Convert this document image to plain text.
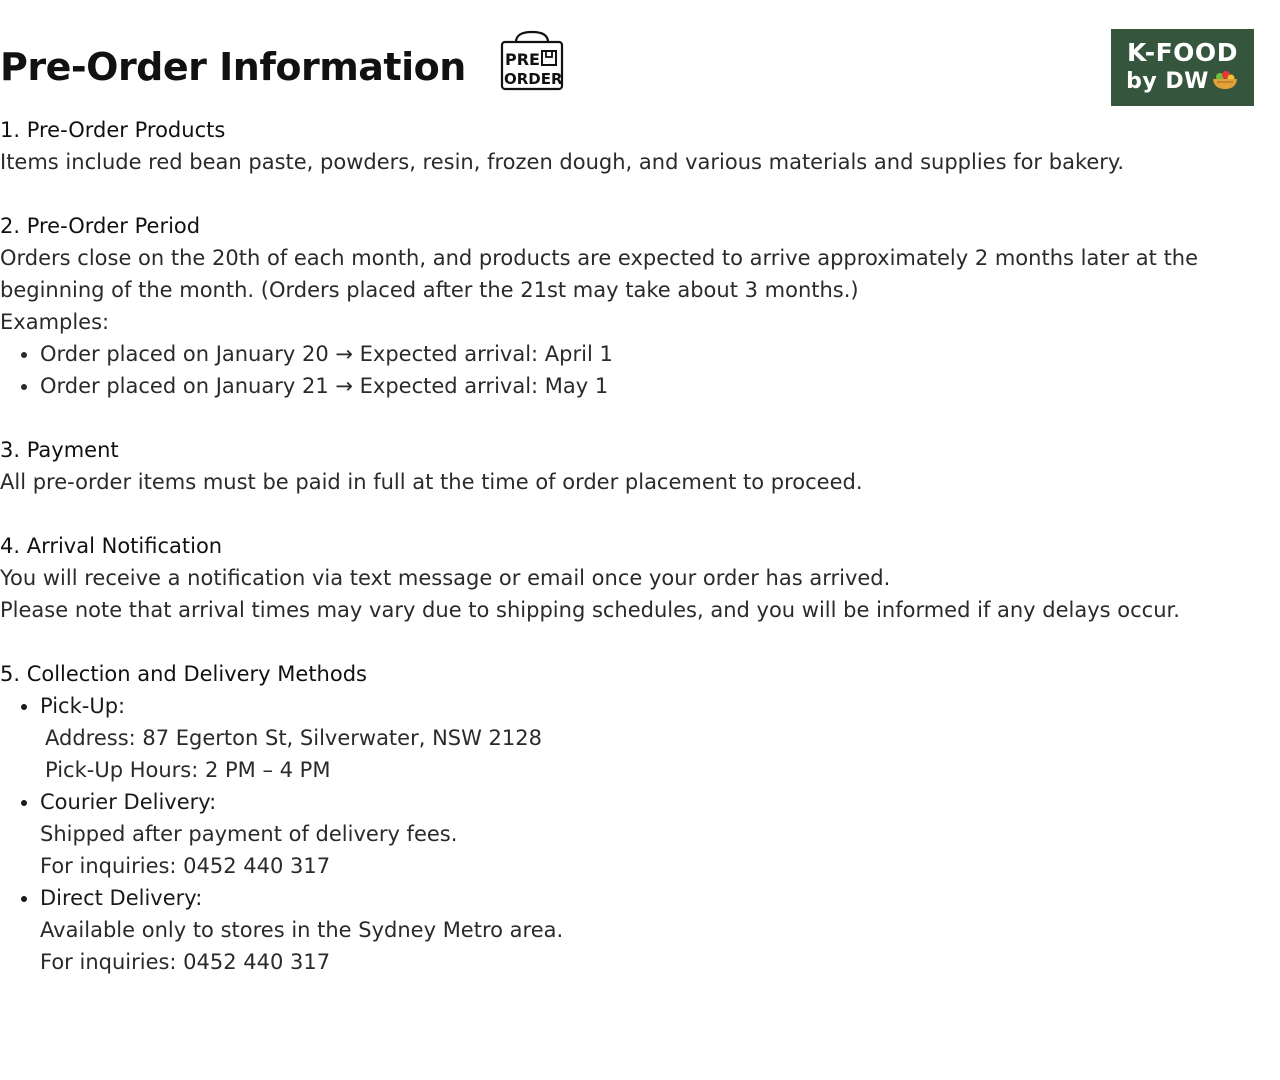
Pre-Order Information PRE
ORDER
K-FOOD
by DW
1. Pre-Order Products

Items include red bean paste, powders, resin, frozen dough, and various materials and supplies for bakery.

2. Pre-Order Period

Orders close on the 20th of each month, and products are expected to arrive approximately 2 months later at the beginning of the month. (Orders placed after the 21st may take about 3 months.)

Examples:

• Order placed on January 20 → Expected arrival: April 1
• Order placed on January 21 → Expected arrival: May 1
3. Payment

All pre-order items must be paid in full at the time of order placement to proceed.

4. Arrival Notification

You will receive a notification via text message or email once your order has arrived.

Please note that arrival times may vary due to shipping schedules, and you will be informed if any delays occur.

5. Collection and Delivery Methods
• Pick-Up:
Address: 87 Egerton St, Silverwater, NSW 2128
Pick-Up Hours: 2 PM – 4 PM
• Courier Delivery:
Shipped after payment of delivery fees.
For inquiries: 0452 440 317
• Direct Delivery:
Available only to stores in the Sydney Metro area.
For inquiries: 0452 440 317
